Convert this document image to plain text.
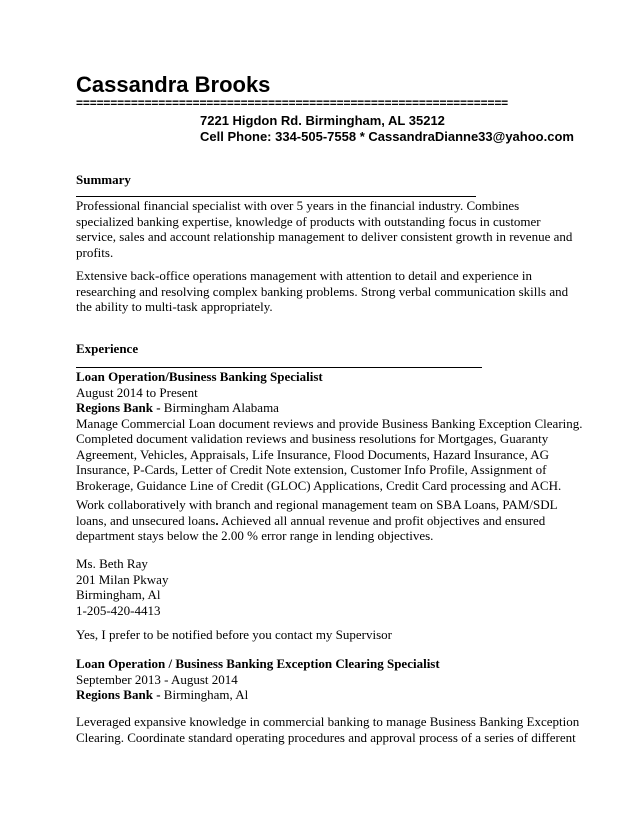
Cassandra Brooks
===============================================================
7221 Higdon Rd. Birmingham, AL 35212
Cell Phone: 334-505-7558 * CassandraDianne33@yahoo.com
Summary
Professional financial specialist with over 5 years in the financial industry. Combines
specialized banking expertise, knowledge of products with outstanding focus in customer
service, sales and account relationship management to deliver consistent growth in revenue and
profits.
Extensive back-office operations management with attention to detail and experience in
researching and resolving complex banking problems. Strong verbal communication skills and
the ability to multi-task appropriately.
Experience
Loan Operation/Business Banking Specialist
August 2014 to Present
Regions Bank - Birmingham Alabama
Manage Commercial Loan document reviews and provide Business Banking Exception Clearing.
Completed document validation reviews and business resolutions for Mortgages, Guaranty
Agreement, Vehicles, Appraisals, Life Insurance, Flood Documents, Hazard Insurance, AG
Insurance, P-Cards, Letter of Credit Note extension, Customer Info Profile, Assignment of
Brokerage, Guidance Line of Credit (GLOC) Applications, Credit Card processing and ACH.
Work collaboratively with branch and regional management team on SBA Loans, PAM/SDL
loans, and unsecured loans. Achieved all annual revenue and profit objectives and ensured
department stays below the 2.00 % error range in lending objectives.
Ms. Beth Ray
201 Milan Pkway
Birmingham, Al
1-205-420-4413
Yes, I prefer to be notified before you contact my Supervisor
Loan Operation / Business Banking Exception Clearing Specialist
September 2013 - August 2014
Regions Bank - Birmingham, Al
Leveraged expansive knowledge in commercial banking to manage Business Banking Exception
Clearing. Coordinate standard operating procedures and approval process of a series of different
